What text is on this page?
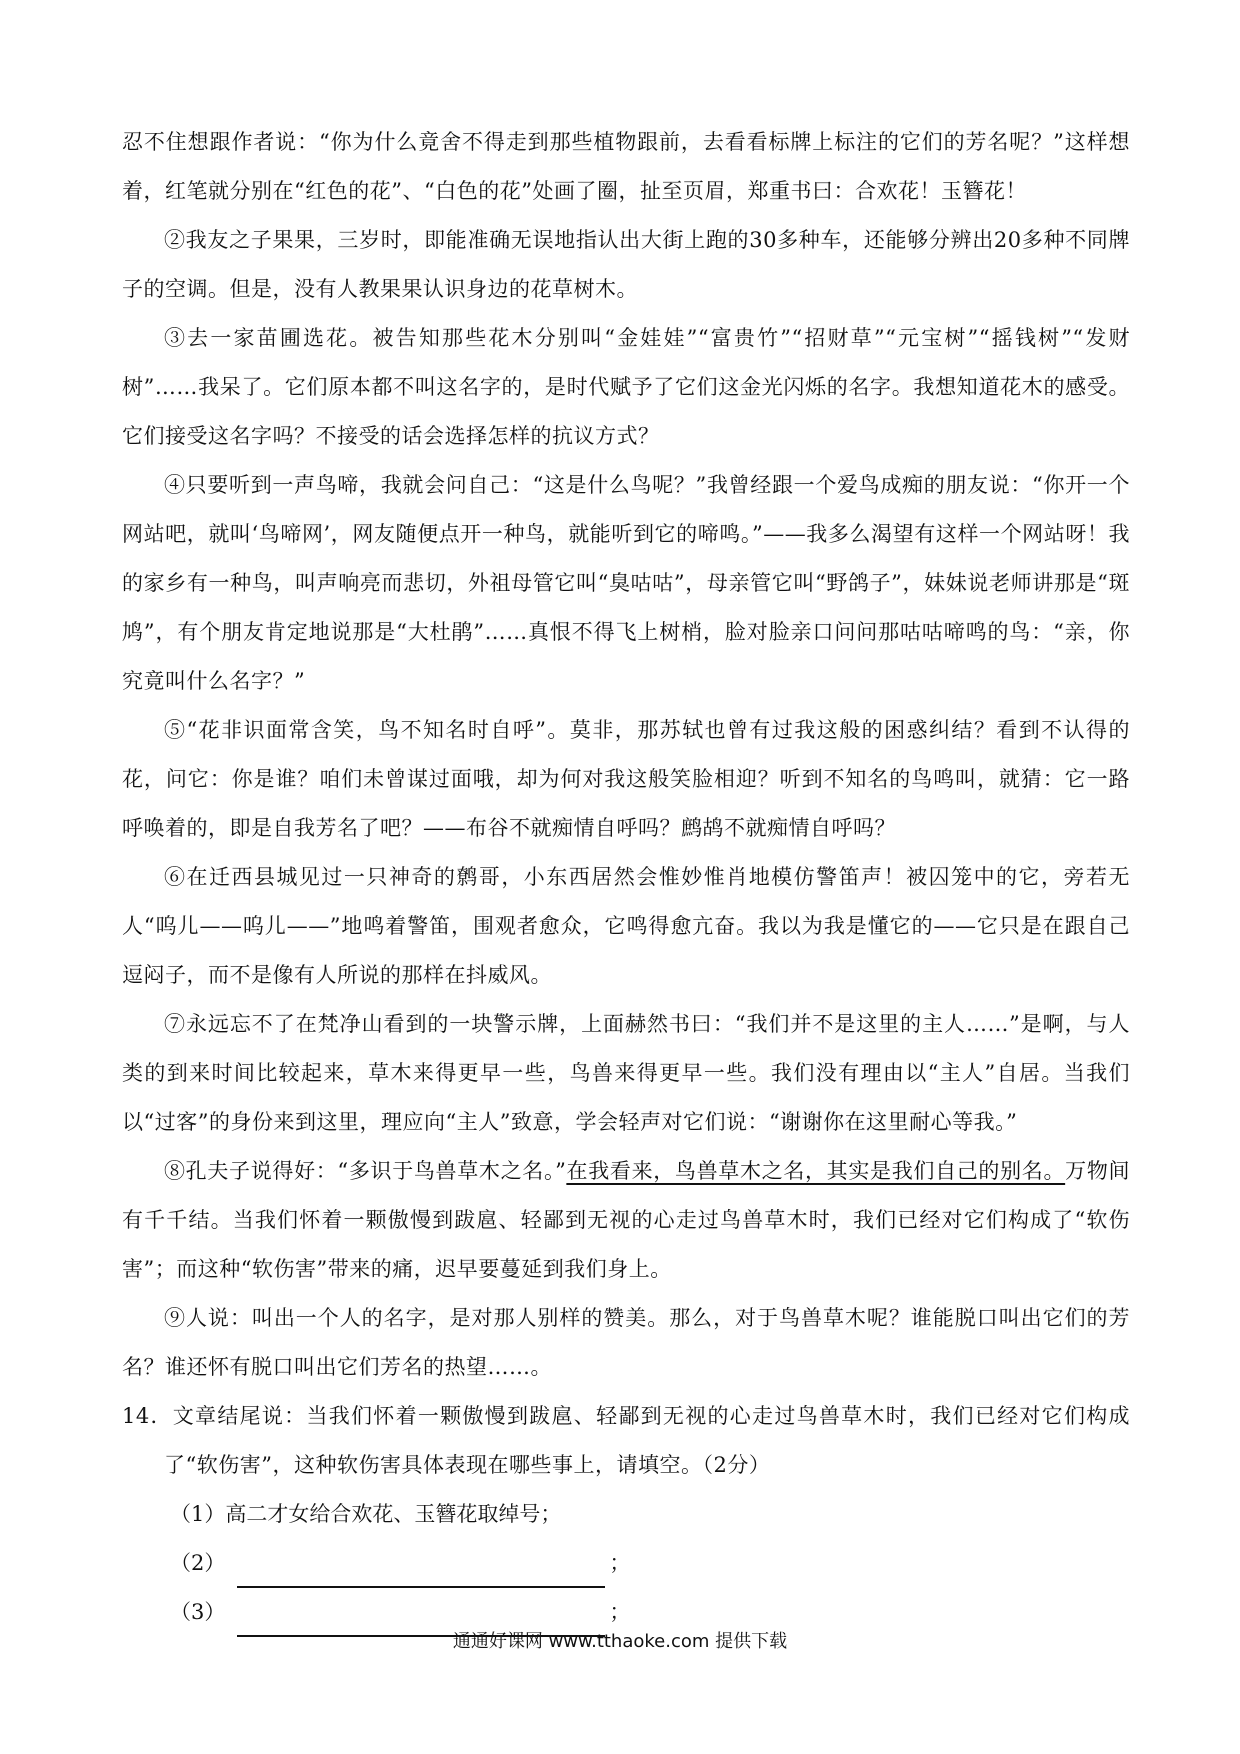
忍不住想跟作者说：“你为什么竟舍不得走到那些植物跟前，去看看标牌上标注的它们的芳名呢？”这样想着，红笔就分别在“红色的花”、“白色的花”处画了圈，扯至页眉，郑重书曰：合欢花！玉簪花！

②我友之子果果，三岁时，即能准确无误地指认出大街上跑的30多种车，还能够分辨出20多种不同牌子的空调。但是，没有人教果果认识身边的花草树木。

③去一家苗圃选花。被告知那些花木分别叫“金娃娃”“富贵竹”“招财草”“元宝树”“摇钱树”“发财树”……我呆了。它们原本都不叫这名字的，是时代赋予了它们这金光闪烁的名字。我想知道花木的感受。它们接受这名字吗？不接受的话会选择怎样的抗议方式？

④只要听到一声鸟啼，我就会问自己：“这是什么鸟呢？”我曾经跟一个爱鸟成痴的朋友说：“你开一个网站吧，就叫‘鸟啼网’，网友随便点开一种鸟，就能听到它的啼鸣。”——我多么渴望有这样一个网站呀！我的家乡有一种鸟，叫声响亮而悲切，外祖母管它叫“臭咕咕”，母亲管它叫“野鸽子”，妹妹说老师讲那是“斑鸠”，有个朋友肯定地说那是“大杜鹃”……真恨不得飞上树梢，脸对脸亲口问问那咕咕啼鸣的鸟：“亲，你究竟叫什么名字？”

⑤“花非识面常含笑，鸟不知名时自呼”。莫非，那苏轼也曾有过我这般的困惑纠结？看到不认得的花，问它：你是谁？咱们未曾谋过面哦，却为何对我这般笑脸相迎？听到不知名的鸟鸣叫，就猜：它一路呼唤着的，即是自我芳名了吧？——布谷不就痴情自呼吗？鹧鸪不就痴情自呼吗？

⑥在迁西县城见过一只神奇的鹩哥，小东西居然会惟妙惟肖地模仿警笛声！被囚笼中的它，旁若无人“呜儿——呜儿——”地鸣着警笛，围观者愈众，它鸣得愈亢奋。我以为我是懂它的——它只是在跟自己逗闷子，而不是像有人所说的那样在抖威风。

⑦永远忘不了在梵净山看到的一块警示牌，上面赫然书曰：“我们并不是这里的主人……”是啊，与人类的到来时间比较起来，草木来得更早一些，鸟兽来得更早一些。我们没有理由以“主人”自居。当我们以“过客”的身份来到这里，理应向“主人”致意，学会轻声对它们说：“谢谢你在这里耐心等我。”

⑧孔夫子说得好：“多识于鸟兽草木之名。”在我看来，鸟兽草木之名，其实是我们自己的别名。万物间有千千结。当我们怀着一颗傲慢到跋扈、轻鄙到无视的心走过鸟兽草木时，我们已经对它们构成了“软伤害”；而这种“软伤害”带来的痛，迟早要蔓延到我们身上。

⑨人说：叫出一个人的名字，是对那人别样的赞美。那么，对于鸟兽草木呢？谁能脱口叫出它们的芳名？谁还怀有脱口叫出它们芳名的热望……。

14．文章结尾说：当我们怀着一颗傲慢到跋扈、轻鄙到无视的心走过鸟兽草木时，我们已经对它们构成了“软伤害”，这种软伤害具体表现在哪些事上，请填空。（2分）

（1）高二才女给合欢花、玉簪花取绰号；

（2）	；
（3）	；
通通好课网 www.tthaoke.com 提供下载
